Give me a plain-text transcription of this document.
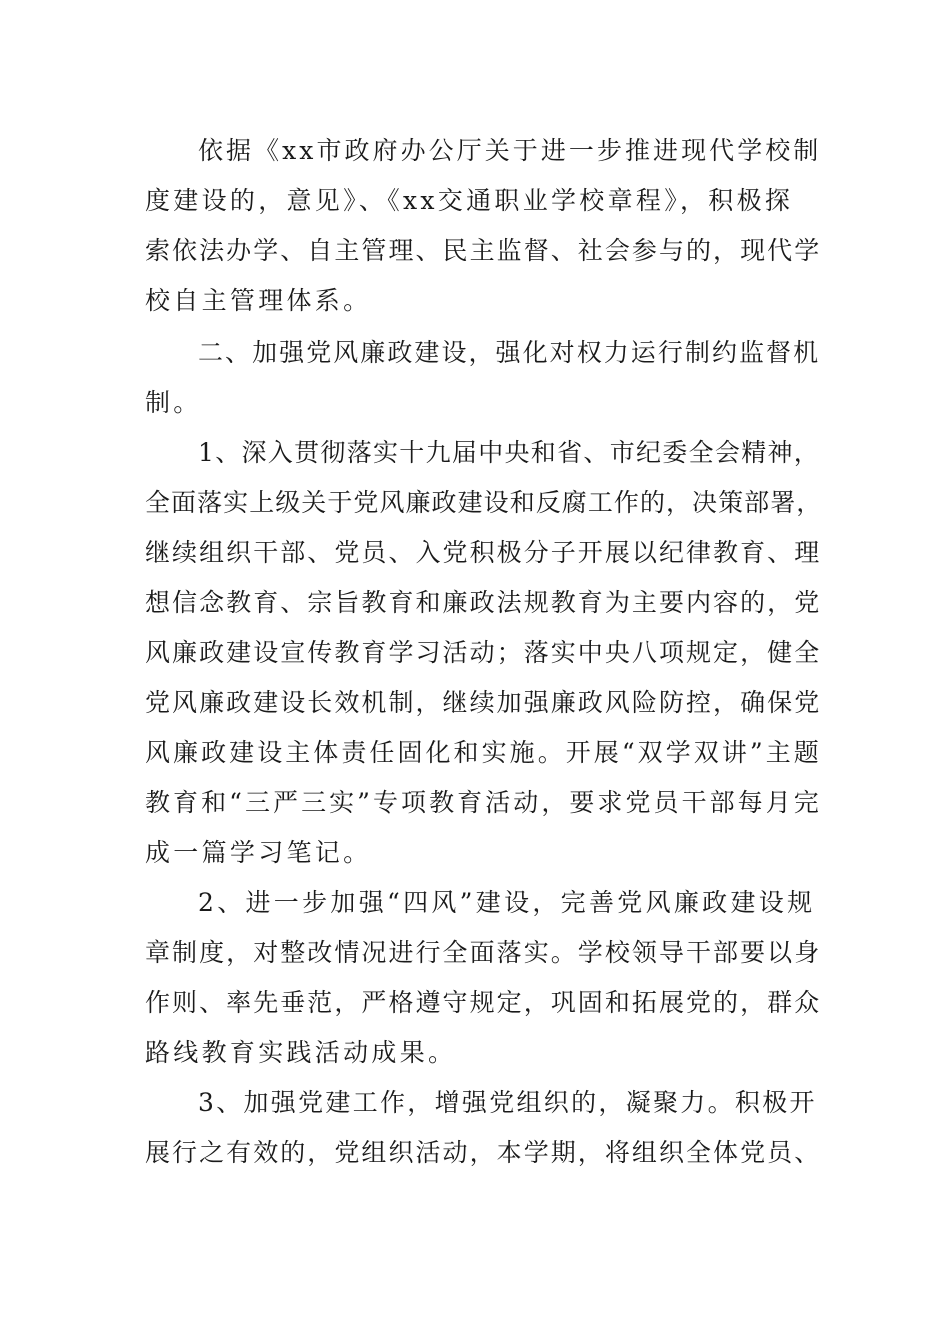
依据《xx市政府办公厅关于进一步推进现代学校制
度建设的，意见》、《xx交通职业学校章程》，积极探
索依法办学、自主管理、民主监督、社会参与的，现代学
校自主管理体系。
二、加强党风廉政建设，强化对权力运行制约监督机
制。
1、深入贯彻落实十九届中央和省、市纪委全会精神，
全面落实上级关于党风廉政建设和反腐工作的，决策部署，
继续组织干部、党员、入党积极分子开展以纪律教育、理
想信念教育、宗旨教育和廉政法规教育为主要内容的，党
风廉政建设宣传教育学习活动；落实中央八项规定，健全
党风廉政建设长效机制，继续加强廉政风险防控，确保党
风廉政建设主体责任固化和实施。开展“双学双讲”主题
教育和“三严三实”专项教育活动，要求党员干部每月完
成一篇学习笔记。
2、进一步加强“四风”建设，完善党风廉政建设规
章制度，对整改情况进行全面落实。学校领导干部要以身
作则、率先垂范，严格遵守规定，巩固和拓展党的，群众
路线教育实践活动成果。
3、加强党建工作，增强党组织的，凝聚力。积极开
展行之有效的，党组织活动，本学期，将组织全体党员、
